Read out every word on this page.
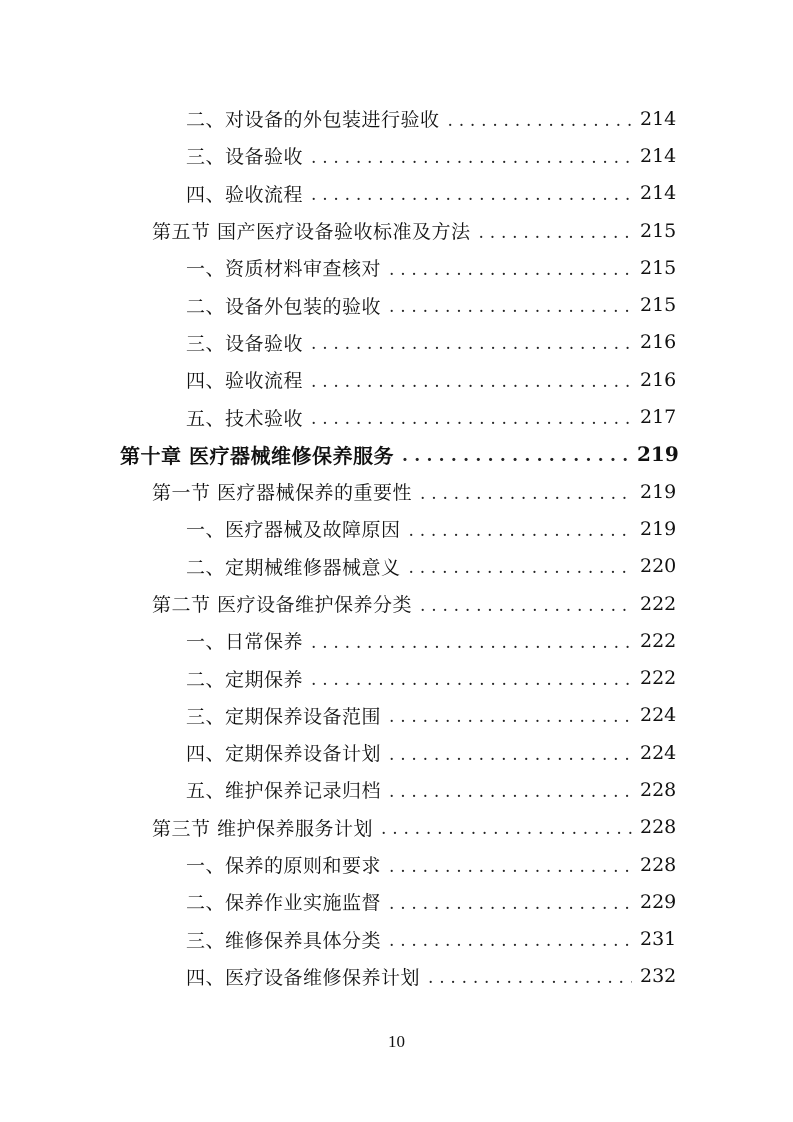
二、对设备的外包装进行验收 . . .	214
三、设备验收 . . .	214
四、验收流程 . . .	214
第五节 国产医疗设备验收标准及方法 . . .	215
一、资质材料审查核对 . . .	215
二、设备外包装的验收 . . .	215
三、设备验收 . . .	216
四、验收流程 . . .	216
五、技术验收 . . .	217
第十章 医疗器械维修保养服务 . . .	219
第一节 医疗器械保养的重要性 . . .	219
一、医疗器械及故障原因 . . .	219
二、定期械维修器械意义 . . .	220
第二节 医疗设备维护保养分类 . . .	222
一、日常保养 . . .	222
二、定期保养 . . .	222
三、定期保养设备范围 . . .	224
四、定期保养设备计划 . . .	224
五、维护保养记录归档 . . .	228
第三节 维护保养服务计划 . . .	228
一、保养的原则和要求 . . .	228
二、保养作业实施监督 . . .	229
三、维修保养具体分类 . . .	231
四、医疗设备维修保养计划 . . .	232
10
